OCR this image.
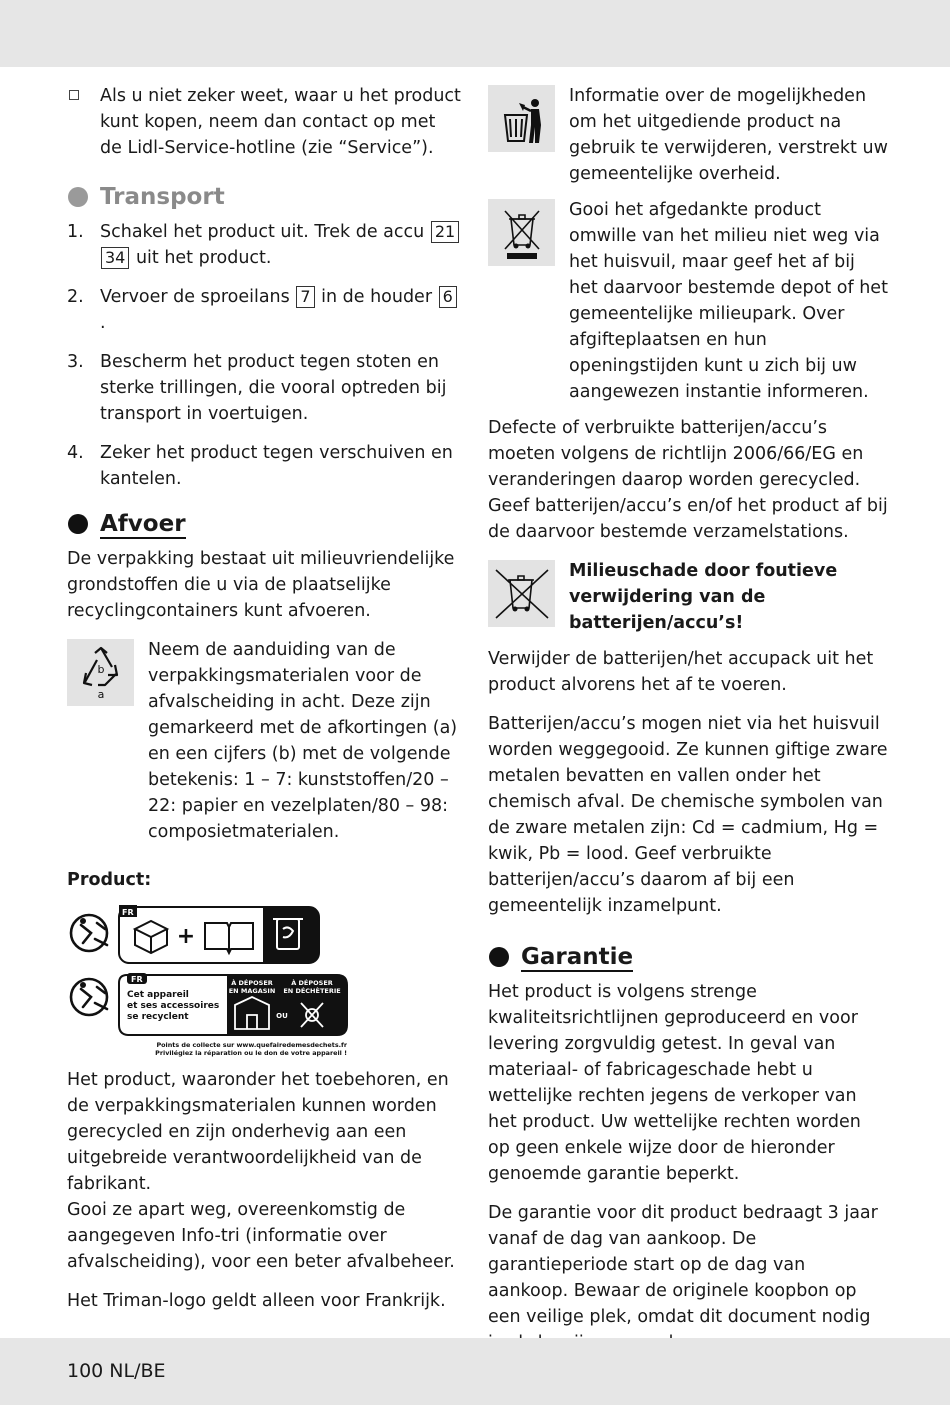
Als u niet zeker weet, waar u het product kunt kopen, neem dan contact op met de Lidl-Service-hotline (zie “Service”).
Transport
1. Schakel het product uit. Trek de accu 2134 uit het product.
2. Vervoer de sproeilans 7 in de houder 6.
3. Bescherm het product tegen stoten en sterke trillingen, die vooral optreden bij transport in voertuigen.
4. Zeker het product tegen verschuiven en kantelen.
Afvoer

De verpakking bestaat uit milieuvriendelijke grondstoffen die u via de plaatselijke recyclingcontainers kunt afvoeren.

b
a
Neem de aanduiding van de verpakkingsmaterialen voor de afvalscheiding in acht. Deze zijn gemarkeerd met de afkortingen (a) en een cijfers (b) met de volgende betekenis: 1 – 7: kunststoffen/20 – 22: papier en vezelplaten/80 – 98: composietmaterialen.
Product:
FR
+
FR
Cet appareil
et ses accessoires
se recyclent
À DÉPOSER
EN MAGASIN
À DÉPOSER
EN DÉCHÈTERIE
OU
Points de collecte sur www.quefairedemesdechets.fr
Privilégiez la réparation ou le don de votre appareil !

Het product, waaronder het toebehoren, en de verpakkingsmaterialen kunnen worden gerecycled en zijn onderhevig aan een uitgebreide verantwoordelijkheid van de fabrikant.
Gooi ze apart weg, overeenkomstig de aangegeven Info-tri (informatie over afvalscheiding), voor een beter afvalbeheer.

Het Triman-logo geldt alleen voor Frankrijk.

Informatie over de mogelijkheden om het uitgediende product na gebruik te verwijderen, verstrekt uw gemeentelijke overheid.
Gooi het afgedankte product omwille van het milieu niet weg via het huisvuil, maar geef het af bij het daarvoor bestemde depot of het gemeentelijke milieupark. Over afgifteplaatsen en hun openingstijden kunt u zich bij uw aangewezen instantie informeren.

Defecte of verbruikte batterijen/accu’s moeten volgens de richtlijn 2006/66/EG en veranderingen daarop worden gerecycled. Geef batterijen/accu’s en/of het product af bij de daarvoor bestemde verzamelstations.

Milieuschade door foutieve verwijdering van de batterijen/accu’s!

Verwijder de batterijen/het accupack uit het product alvorens het af te voeren.

Batterijen/accu’s mogen niet via het huisvuil worden weggegooid. Ze kunnen giftige zware metalen bevatten en vallen onder het chemisch afval. De chemische symbolen van de zware metalen zijn: Cd = cadmium, Hg = kwik, Pb = lood. Geef verbruikte batterijen/accu’s daarom af bij een gemeentelijk inzamelpunt.

Garantie

Het product is volgens strenge kwaliteitsrichtlijnen geproduceerd en voor levering zorgvuldig getest. In geval van materiaal- of fabricageschade hebt u wettelijke rechten jegens de verkoper van het product. Uw wettelijke rechten worden op geen enkele wijze door de hieronder genoemde garantie beperkt.

De garantie voor dit product bedraagt 3 jaar vanaf de dag van aankoop. De garantieperiode start op de dag van aankoop. Bewaar de originele koopbon op een veilige plek, omdat dit document nodig

100 NL/BE
